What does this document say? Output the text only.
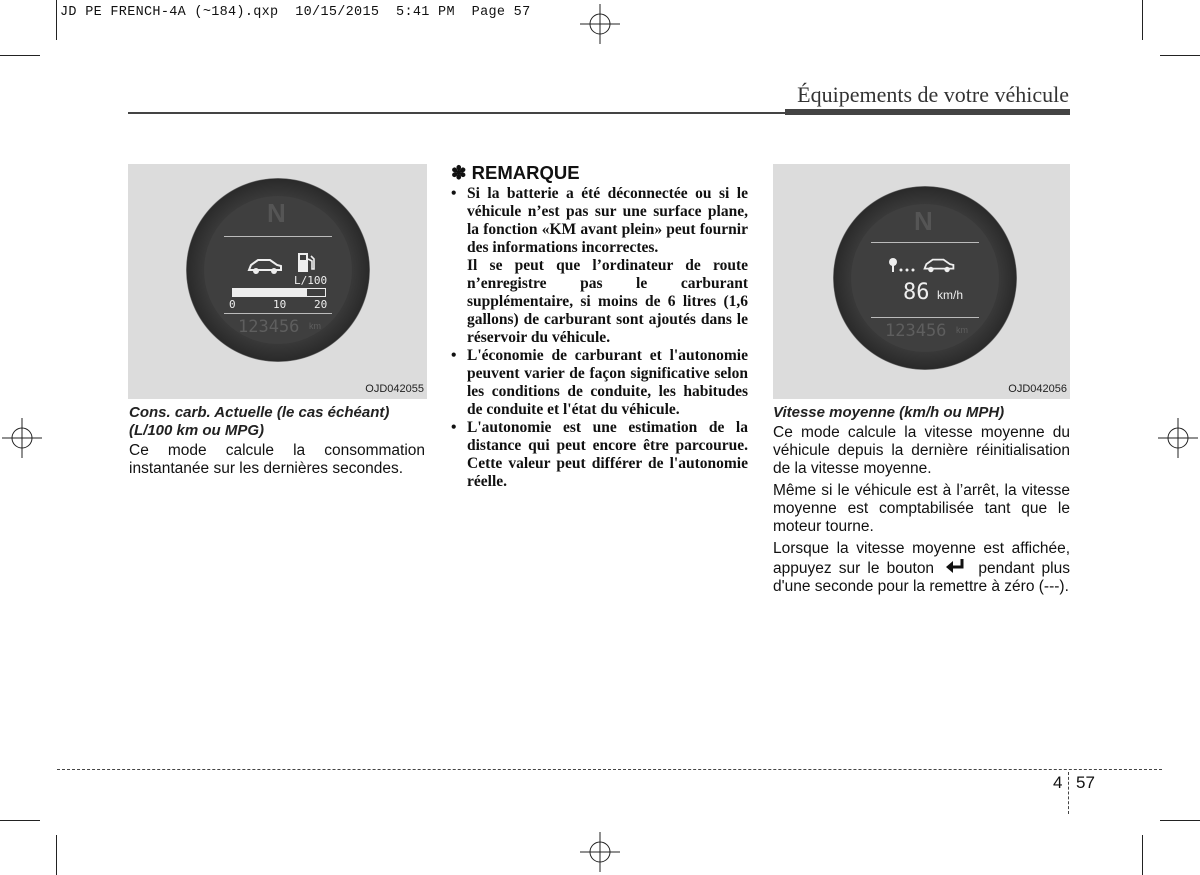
JD PE FRENCH-4A (~184).qxp  10/15/2015  5:41 PM  Page 57
Équipements de votre véhicule
N
L/100
0	10	20
123456 km
OJD042055
Cons. carb. Actuelle (le cas échéant) (L/100 km ou MPG)
Ce mode calcule la consommation instantanée sur les dernières secondes.
✽ REMARQUE
• Si la batterie a été déconnectée ou si le véhicule n’est pas sur une surface plane, la fonction «KM avant plein» peut fournir des informations incorrectes.

Il se peut que l’ordinateur de route n’enregistre pas le carburant supplémentaire, si moins de 6 litres (1,6 gallons) de carburant sont ajoutés dans le réservoir du véhicule.

• L'économie de carburant et l'autonomie peuvent varier de façon significative selon les conditions de conduite, les habitudes de conduite et l'état du véhicule.

• L'autonomie est une estimation de la distance qui peut encore être parcourue. Cette valeur peut différer de l'autonomie réelle.

N
86 km/h
123456 km
OJD042056
Vitesse moyenne (km/h ou MPH)
Ce mode calcule la vitesse moyenne du véhicule depuis la dernière réinitialisation de la vitesse moyenne.
Même si le véhicule est à l’arrêt, la vitesse moyenne est comptabilisée tant que le moteur tourne.
Lorsque la vitesse moyenne est affichée, appuyez sur le bouton	pendant plus d'une seconde pour la remettre à zéro (---).
4 57
